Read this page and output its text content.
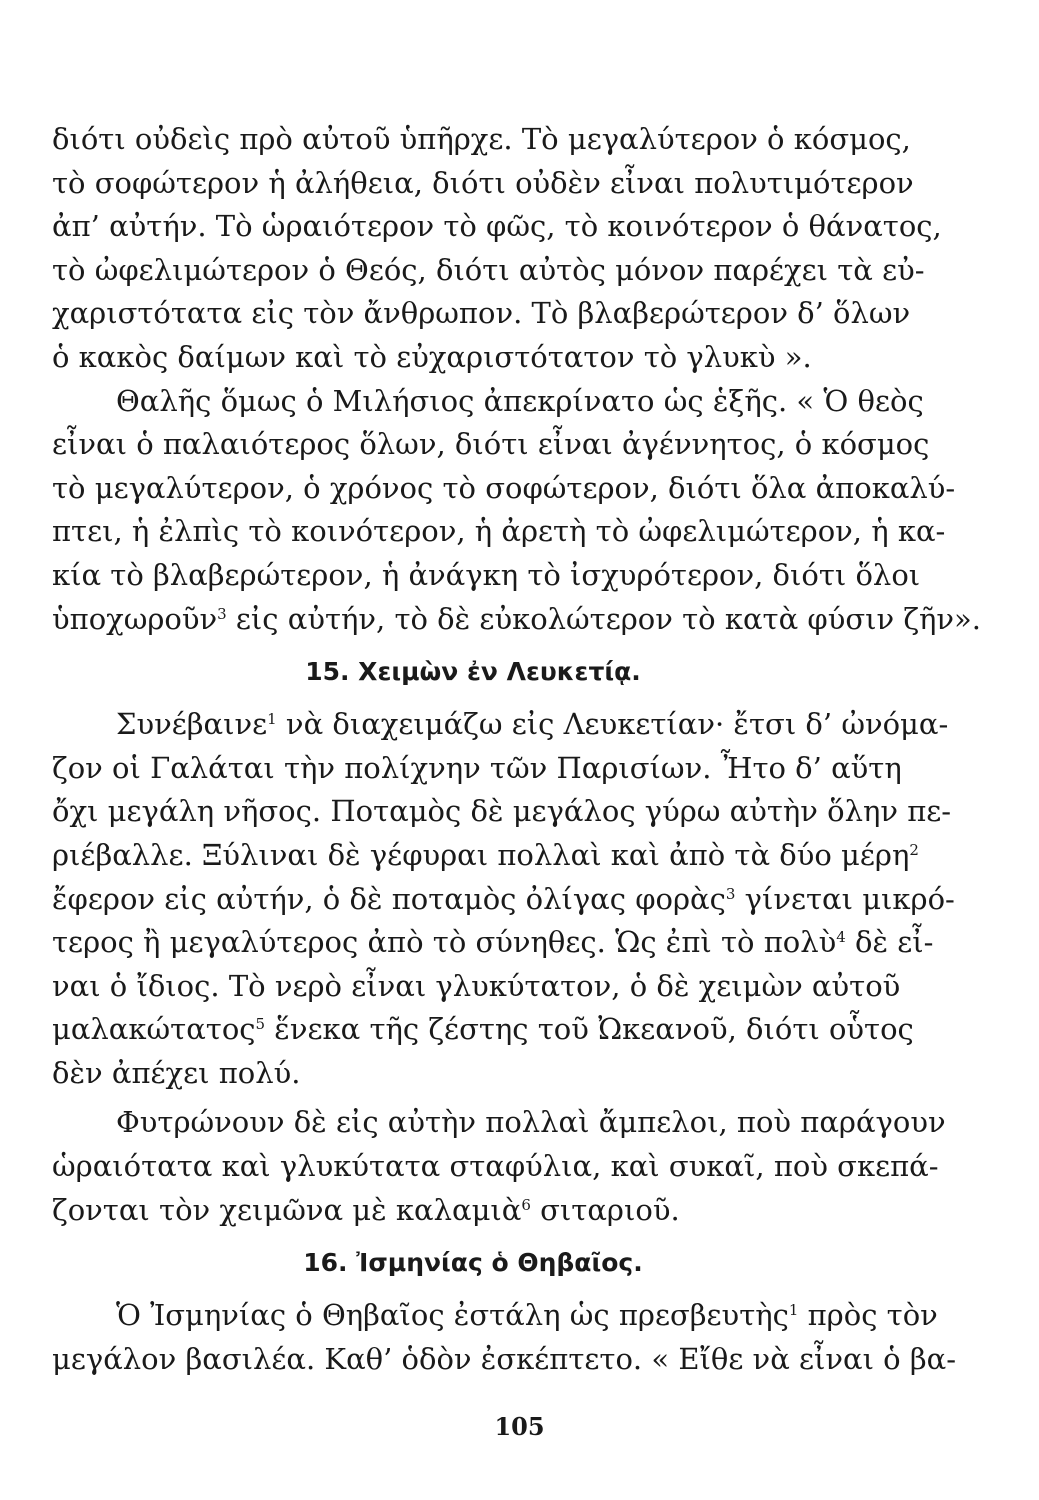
διότι οὐδεὶς πρὸ αὐτοῦ ὑπῆρχε. Τὸ μεγαλύτερον ὁ κόσμος,
τὸ σοφώτερον ἡ ἀλήθεια, διότι οὐδὲν εἶναι πολυτιμότερον
ἀπ’ αὐτήν. Τὸ ὡραιότερον τὸ φῶς, τὸ κοινότερον ὁ θάνατος,
τὸ ὠφελιμώτερον ὁ Θεός, διότι αὐτὸς μόνον παρέχει τὰ εὐ-
χαριστότατα εἰς τὸν ἄνθρωπον. Τὸ βλαβερώτερον δ’ ὅλων
ὁ κακὸς δαίμων καὶ τὸ εὐχαριστότατον τὸ γλυκὺ ».

Θαλῆς ὅμως ὁ Μιλήσιος ἀπεκρίνατο ὡς ἑξῆς. « Ὁ θεὸς
εἶναι ὁ παλαιότερος ὅλων, διότι εἶναι ἀγέννητος, ὁ κόσμος
τὸ μεγαλύτερον, ὁ χρόνος τὸ σοφώτερον, διότι ὅλα ἀποκαλύ-
πτει, ἡ ἐλπὶς τὸ κοινότερον, ἡ ἀρετὴ τὸ ὠφελιμώτερον, ἡ κα-
κία τὸ βλαβερώτερον, ἡ ἀνάγκη τὸ ἰσχυρότερον, διότι ὅλοι
ὑποχωροῦν$^3$ εἰς αὐτήν, τὸ δὲ εὐκολώτερον τὸ κατὰ φύσιν ζῆν».

15. Χειμὼν ἐν Λευκετίᾳ.

Συνέβαινε$^1$ νὰ διαχειμάζω εἰς Λευκετίαν· ἔτσι δ’ ὠνόμα-
ζον οἱ Γαλάται τὴν πολίχνην τῶν Παρισίων. Ἦτο δ’ αὕτη
ὄχι μεγάλη νῆσος. Ποταμὸς δὲ μεγάλος γύρω αὐτὴν ὅλην πε-
ριέβαλλε. Ξύλιναι δὲ γέφυραι πολλαὶ καὶ ἀπὸ τὰ δύο μέρη$^2$
ἔφερον εἰς αὐτήν, ὁ δὲ ποταμὸς ὀλίγας φορὰς$^3$ γίνεται μικρό-
τερος ἢ μεγαλύτερος ἀπὸ τὸ σύνηθες. Ὡς ἐπὶ τὸ πολὺ$^4$ δὲ εἶ-
ναι ὁ ἴδιος. Τὸ νερὸ εἶναι γλυκύτατον, ὁ δὲ χειμὼν αὐτοῦ
μαλακώτατος$^5$ ἕνεκα τῆς ζέστης τοῦ Ὠκεανοῦ, διότι οὗτος
δὲν ἀπέχει πολύ.

Φυτρώνουν δὲ εἰς αὐτὴν πολλαὶ ἄμπελοι, ποὺ παράγουν
ὡραιότατα καὶ γλυκύτατα σταφύλια, καὶ συκαῖ, ποὺ σκεπά-
ζονται τὸν χειμῶνα μὲ καλαμιὰ$^6$ σιταριοῦ.

16. Ἰσμηνίας ὁ Θηβαῖος.

Ὁ Ἰσμηνίας ὁ Θηβαῖος ἐστάλη ὡς πρεσβευτὴς$^1$ πρὸς τὸν
μεγάλον βασιλέα. Καθ’ ὁδὸν ἐσκέπτετο. « Εἴθε νὰ εἶναι ὁ βα-

105
